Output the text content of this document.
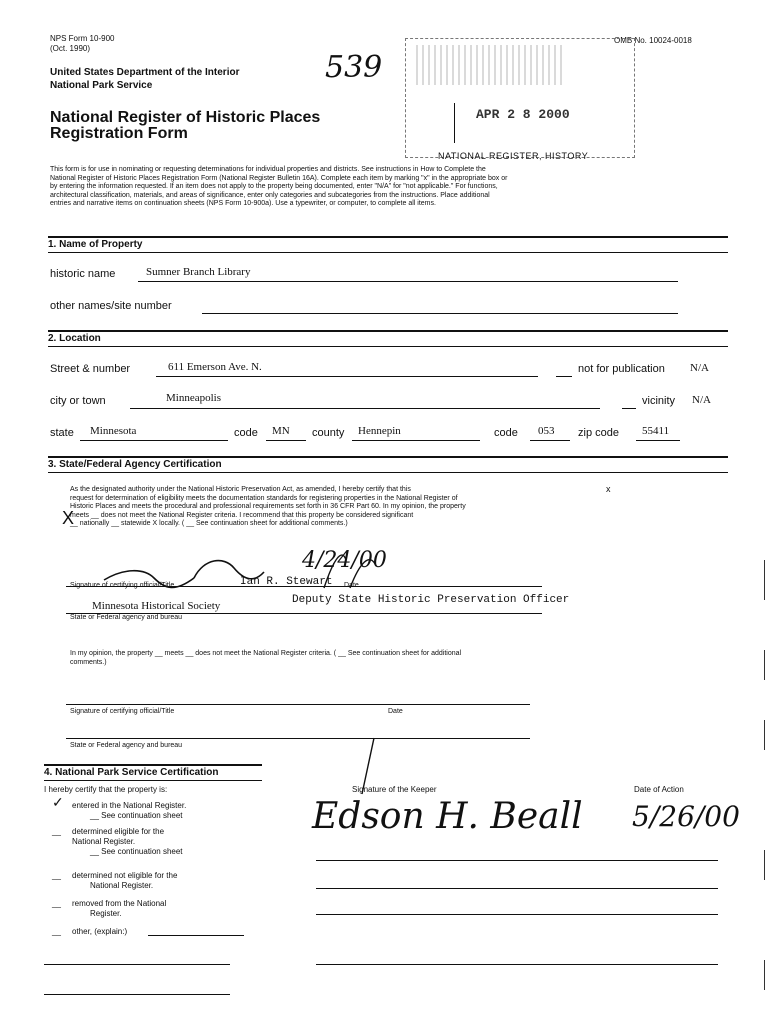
NPS Form 10-900
(Oct. 1990)
OMB No. 10024-0018
United States Department of the Interior
National Park Service
539
National Register of Historic Places
Registration Form
APR 2 8 2000
NATIONAL REGISTER, HISTORY
This form is for use in nominating or requesting determinations for individual properties and districts. See instructions in How to Complete the
National Register of Historic Places Registration Form (National Register Bulletin 16A). Complete each item by marking "x" in the appropriate box or
by entering the information requested. If an item does not apply to the property being documented, enter "N/A" for "not applicable." For functions,
architectural classification, materials, and areas of significance, enter only categories and subcategories from the instructions. Place additional
entries and narrative items on continuation sheets (NPS Form 10-900a). Use a typewriter, or computer, to complete all items.
1. Name of Property
historic name	Sumner Branch Library
other names/site number
2. Location
Street & number	611 Emerson Ave. N.	not for publication N/A
city or town	Minneapolis	vicinity N/A
state Minnesota	code MN county Hennepin	code 053 zip code 55411
3. State/Federal Agency Certification
As the designated authority under the National Historic Preservation Act, as amended, I hereby certify that this
request for determination of eligibility meets the documentation standards for registering properties in the National Register of
Historic Places and meets the procedural and professional requirements set forth in 36 CFR Part 60. In my opinion, the property
meets __ does not meet the National Register criteria. I recommend that this property be considered significant
__ nationally __ statewide X locally. ( __ See continuation sheet for additional comments.)
x
X
4/24/00
Signature of certifying official/Title	Ian R. Stewart Date
Deputy State Historic Preservation Officer
Minnesota Historical Society
State or Federal agency and bureau
In my opinion, the property __ meets __ does not meet the National Register criteria. ( __ See continuation sheet for additional
comments.)
Signature of certifying official/Title	Date
State or Federal agency and bureau
4. National Park Service Certification
I hereby certify that the property is:
✓ entered in the National Register.
__ See continuation sheet
__ determined eligible for the
National Register.
__ See continuation sheet
__ determined not eligible for the
National Register.
__ removed from the National
Register.
__ other, (explain:)
Signature of the Keeper	Date of Action
Edson H. Beall 5/26/00
